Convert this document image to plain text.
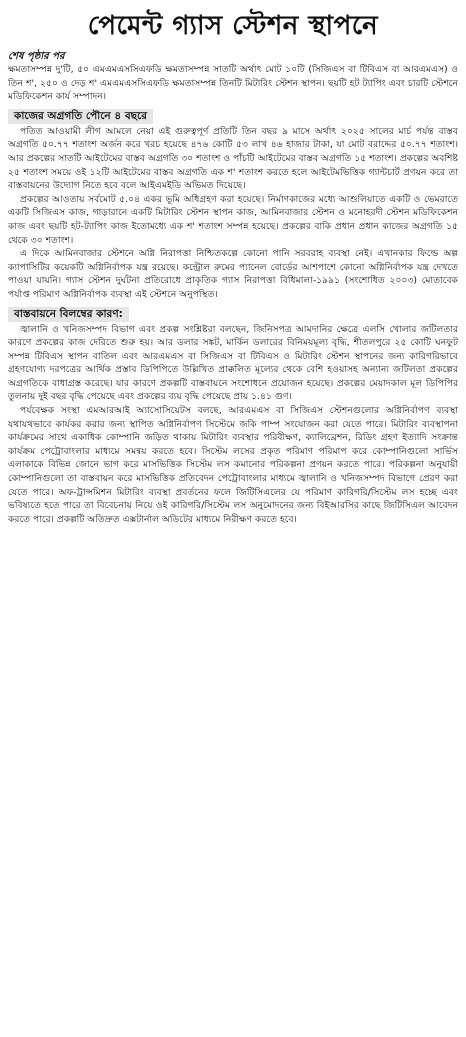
পেমেন্ট গ্যাস স্টেশন স্থাপনে
শেষ পৃষ্ঠার পর

ক্ষমতাসম্পন্ন দু'টি, ৫০ এমএমএসসিএফডি ক্ষমতাসম্পন্ন সাতটি অর্থাৎ মোট ১০টি (সিজিএস বা টিবিএস বা আরএমএস) ও তিন শ', ২৫০ ও দেড় শ' এমএমএসসিএফডি ক্ষমতাসম্পন্ন তিনটি মিটারিং স্টেশন স্থাপন। ছয়টি হট ট্যাপিং এবং চারটি স্টেশনে মডিফিকেশন কার্য সম্পাদন।

কাজের অগ্রগতি পৌনে ৪ বছরে

পতিত আওয়ামী লীগ আমলে নেয়া এই গুরুত্বপূর্ণ প্রতিটি তিন বছর ৯ মাসে অর্থাৎ ২০২৫ সালের মার্চ পর্যন্ত বাস্তব অগ্রগতি ৫০.৭৭ শতাংশ অর্জন করে খরচ হয়েছে ৪৭৬ কোটি ৫৩ লাখ ৪৬ হাজার টাকা, যা মোট বরাদ্দের ৫০.৭৭ শতাংশ। আর প্রকল্পের সাতটি আইটেমের বাস্তব অগ্রগতি ৩০ শতাংশ ও পাঁচটি আইটেমের বাস্তব অগ্রগতি ১৫ শতাংশ। প্রকল্পের অবশিষ্ট ২৫ শতাংশ সময়ে ওই ১২টি আইটেমের বাস্তব অগ্রগতি এক শ' শতাংশ করতে হলে আইটেমভিত্তিক গ্যান্টচার্ট প্রণয়ন করে তা বাস্তবায়নের উদ্যোগ নিতে হবে বলে আইএমইডি অভিমত দিয়েছে।

প্রকল্পের আওতায় সর্বমোট ৫.০৪ একর ভূমি অধিগ্রহণ করা হয়েছে। নির্মাণকাজের মধ্যে আশুলিয়াতে একটি ও ভেমরাতে একটি সিজিএস কাজ, গাড়ারানে একটি মিটারিং স্টেশন স্থাপন কাজ, আমিনবাজার স্টেশন ও মনোহরদী স্টেশন মডিফিকেশন কাজ এবং ছয়টি হট-ট্যাপিং কাজ ইতোমধ্যে এক শ' শতাংশ সম্পন্ন হয়েছে। প্রকল্পের বাকি প্রধান প্রধান কাজের অগ্রগতি ১৫ থেকে ৩০ শতাংশ।

এ দিকে আমিনবাজার স্টেশনে অগ্নি নিরাপত্তা নিশ্চিতকল্পে কোনো পানি সরবরাহ ব্যবস্থা নেই। এখানকার ফিল্ডে অল্প ক্যাপাসিটির কয়েকটি অগ্নিনির্বাপক যন্ত্র রয়েছে। কন্ট্রোল রুমের প্যানেল বোর্ডের আশপাশে কোনো অগ্নিনির্বাপক যন্ত্র দেখতে পাওয়া যায়নি। গ্যাস স্টেশন দুর্ঘটনা প্রতিরোধে প্রাকৃতিক গ্যাস নিরাপত্তা বিধিমালা-১৯৯১ (সংশোধিত ২০০৩) মোতাবেক পর্যাপ্ত পরিমাণ অগ্নিনির্বাপক ব্যবস্থা এই স্টেশনে অনুপস্থিত।

বাস্তবায়নে বিলম্বের কারণ:

জ্বালানি ও খনিজসম্পদ বিভাগ এবং প্রকল্প সংশ্লিষ্টরা বলছেন, জিনিসপত্র আমদানির ক্ষেত্রে এলসি খোলার জটিলতার কারণে প্রকল্পের কাজ দেরিতে শুরু হয়। আর ডলার সঙ্কট, মার্কিন ডলারের বিনিময়মূল্য বৃদ্ধি, শীতলপুরে ২৫ কোটি ঘনফুট সম্পন্ন টিবিএস স্থাপন বাতিল এবং আরএমএস বা সিজিএস বা টিবিএস ও মিটারিং স্টেশন স্থাপনের জন্য কারিগরিভাবে গ্রহণযোগ্য দরপত্রের আর্থিক প্রস্তাব ডিপিপিতে উল্লিখিত প্রাক্কলিত মূল্যের থেকে বেশি হওয়াসহ অন্যান্য জটিলতা প্রকল্পের অগ্রগতিকে বাধাগ্রস্ত করেছে। যার কারণে প্রকল্পটি বাস্তবায়নে সংশোধনে প্রয়োজন হয়েছে। প্রকল্পের মেয়াদকাল মূল ডিপিপির তুলনায় দুই বছর বৃদ্ধি পেয়েছে এবং প্রকল্পের ব্যয় বৃদ্ধি পেয়েছে প্রায় ১.৪১ গুণ।

পর্যবেক্ষক সংস্থা এমআরআই অ্যাসোসিয়েটস বলছে, আরএমএস বা সিজিএস স্টেশনগুলোর অগ্নিনির্বাপণ ব্যবস্থা যথাযথভাবে কার্যকর করার জন্য স্থাপিত অগ্নিনির্বাপণ সিস্টেমে জকি পাম্প সংযোজন করা যেতে পারে। মিটারিং ব্যবস্থাপনা কার্যক্রমের সাথে একাধিক কোম্পানি জড়িত থাকায় মিটারিং ব্যবস্থার পরিবীক্ষণ, ক্যালিব্রেশন, রিডিং গ্রহণ ইত্যাদি সংক্রান্ত কার্যক্রম পেট্রোবাংলার মাধ্যমে সমন্বয় করতে হবে। সিস্টেম লসের প্রকৃত পরিমাণ পরিমাপ করে কোম্পানিগুলো সার্ভিস এলাকাকে বিভিন্ন জোনে ভাগ করে মাসভিত্তিক সিস্টেম লস কমানোর পরিকল্পনা প্রণয়ন করতে পারে। পরিকল্পনা অনুযায়ী কোম্পানিগুলো তা বাস্তবায়ন করে মাসভিত্তিক প্রতিবেদন পেট্রোবাংলার মাধ্যমে জ্বালানি ও খনিজসম্পদ বিভাগে প্রেরণ করা যেতে পারে। অফ-ট্রান্সমিশন মিটারিং ব্যবস্থা প্রবর্তনের ফলে জিটিসিএলের যে পরিমাণ কারিগরি/সিস্টেম লস হচ্ছে এবং ভবিষ্যতে হতে পারে তা বিবেচনায় নিয়ে ওই কারিগরি/সিস্টেম লস অনুমোদনের জন্য বিইআরসির কাছে জিটিসিএল আবেদন করতে পারে। প্রকল্পটি অতিদ্রুত এক্সটার্নাল অডিটের মাধ্যমে নিরীক্ষণ করতে হবে।
